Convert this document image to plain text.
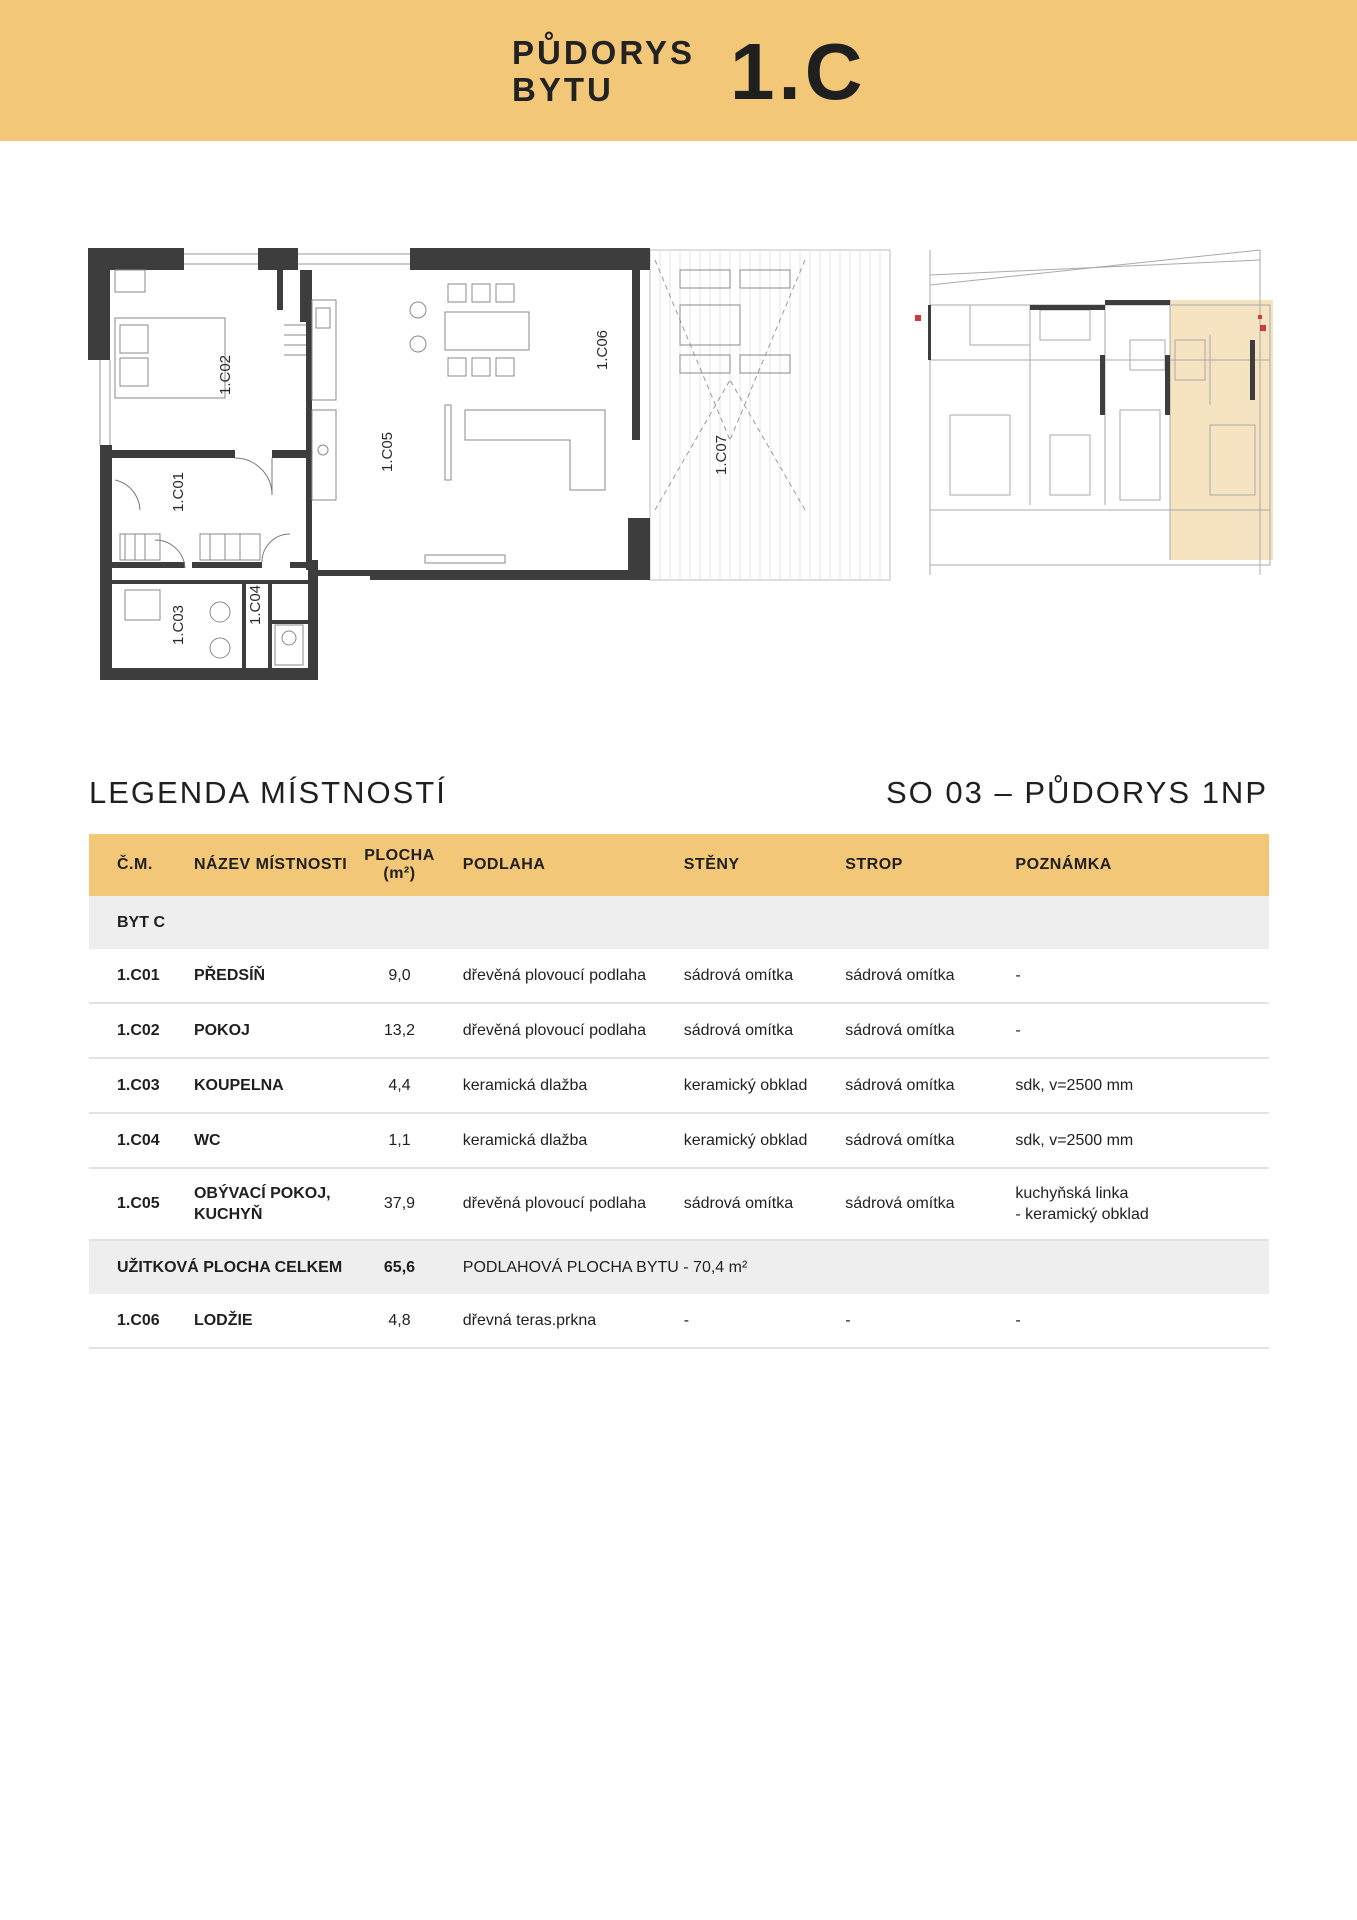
PŮDORYS
BYTU	1.C
1.C02
1.C01
1.C03	1.C04
1.C05
1.C06
1.C07
LEGENDA MÍSTNOSTÍ	SO 03 – PŮDORYS 1NP
Č.M.	NÁZEV MÍSTNOSTI	PLOCHA
(m²)	PODLAHA	STĚNY	STROP	POZNÁMKA
BYT C						
1.C01	PŘEDSÍŇ	9,0	dřevěná plovoucí podlaha	sádrová omítka	sádrová omítka	-
1.C02	POKOJ	13,2	dřevěná plovoucí podlaha	sádrová omítka	sádrová omítka	-
1.C03	KOUPELNA	4,4	keramická dlažba	keramický obklad	sádrová omítka	sdk, v=2500 mm
1.C04	WC	1,1	keramická dlažba	keramický obklad	sádrová omítka	sdk, v=2500 mm
1.C05	OBÝVACÍ POKOJ,
KUCHYŇ	37,9	dřevěná plovoucí podlaha	sádrová omítka	sádrová omítka	kuchyňská linka
- keramický obklad
UŽITKOVÁ PLOCHA CELKEM		65,6	PODLAHOVÁ PLOCHA BYTU - 70,4 m²			
1.C06	LODŽIE	4,8	dřevná teras.prkna	-	-	-
